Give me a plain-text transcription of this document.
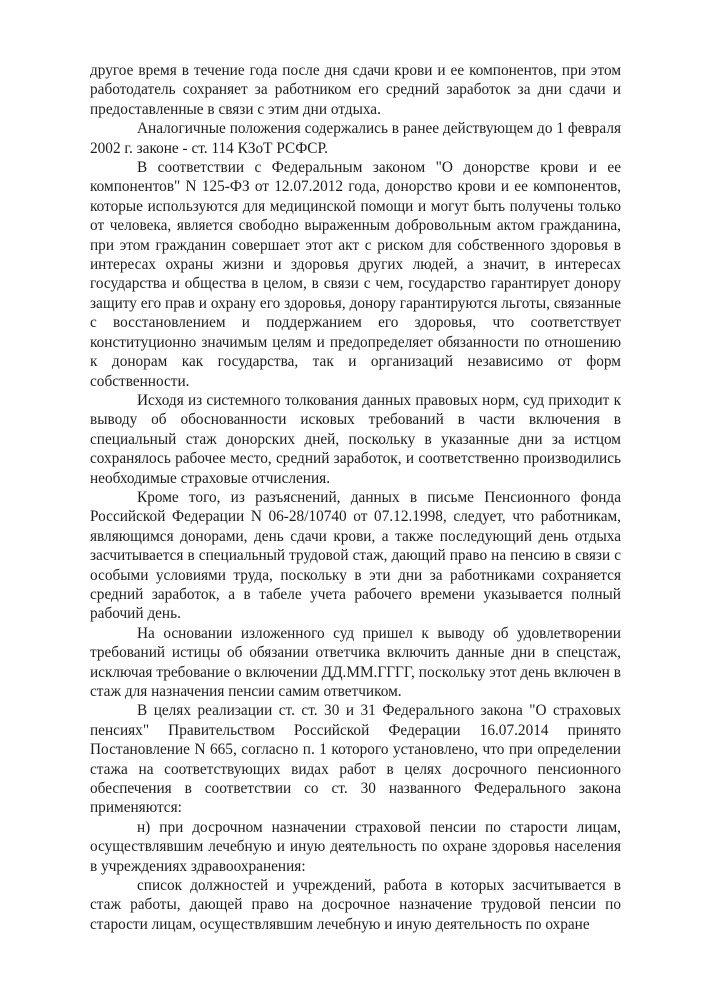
другое время в течение года после дня сдачи крови и ее компонентов, при этом работодатель сохраняет за работником его средний заработок за дни сдачи и предоставленные в связи с этим дни отдыха.

Аналогичные положения содержались в ранее действующем до 1 февраля 2002 г. законе - ст. 114 КЗоТ РСФСР.

В соответствии с Федеральным законом "О донорстве крови и ее компонентов" N 125-ФЗ от 12.07.2012 года, донорство крови и ее компонентов, которые используются для медицинской помощи и могут быть получены только от человека, является свободно выраженным добровольным актом гражданина, при этом гражданин совершает этот акт с риском для собственного здоровья в интересах охраны жизни и здоровья других людей, а значит, в интересах государства и общества в целом, в связи с чем, государство гарантирует донору защиту его прав и охрану его здоровья, донору гарантируются льготы, связанные с восстановлением и поддержанием его здоровья, что соответствует конституционно значимым целям и предопределяет обязанности по отношению к донорам как государства, так и организаций независимо от форм собственности.

Исходя из системного толкования данных правовых норм, суд приходит к выводу об обоснованности исковых требований в части включения в специальный стаж донорских дней, поскольку в указанные дни за истцом сохранялось рабочее место, средний заработок, и соответственно производились необходимые страховые отчисления.

Кроме того, из разъяснений, данных в письме Пенсионного фонда Российской Федерации N 06-28/10740 от 07.12.1998, следует, что работникам, являющимся донорами, день сдачи крови, а также последующий день отдыха засчитывается в специальный трудовой стаж, дающий право на пенсию в связи с особыми условиями труда, поскольку в эти дни за работниками сохраняется средний заработок, а в табеле учета рабочего времени указывается полный рабочий день.

На основании изложенного суд пришел к выводу об удовлетворении требований истицы об обязании ответчика включить данные дни в спецстаж, исключая требование о включении ДД.ММ.ГГГГ, поскольку этот день включен в стаж для назначения пенсии самим ответчиком.

В целях реализации ст. ст. 30 и 31 Федерального закона "О страховых пенсиях" Правительством Российской Федерации 16.07.2014 принято Постановление N 665, согласно п. 1 которого установлено, что при определении стажа на соответствующих видах работ в целях досрочного пенсионного обеспечения в соответствии со ст. 30 названного Федерального закона применяются:

н) при досрочном назначении страховой пенсии по старости лицам, осуществлявшим лечебную и иную деятельность по охране здоровья населения в учреждениях здравоохранения:

список должностей и учреждений, работа в которых засчитывается в стаж работы, дающей право на досрочное назначение трудовой пенсии по старости лицам, осуществлявшим лечебную и иную деятельность по охране
